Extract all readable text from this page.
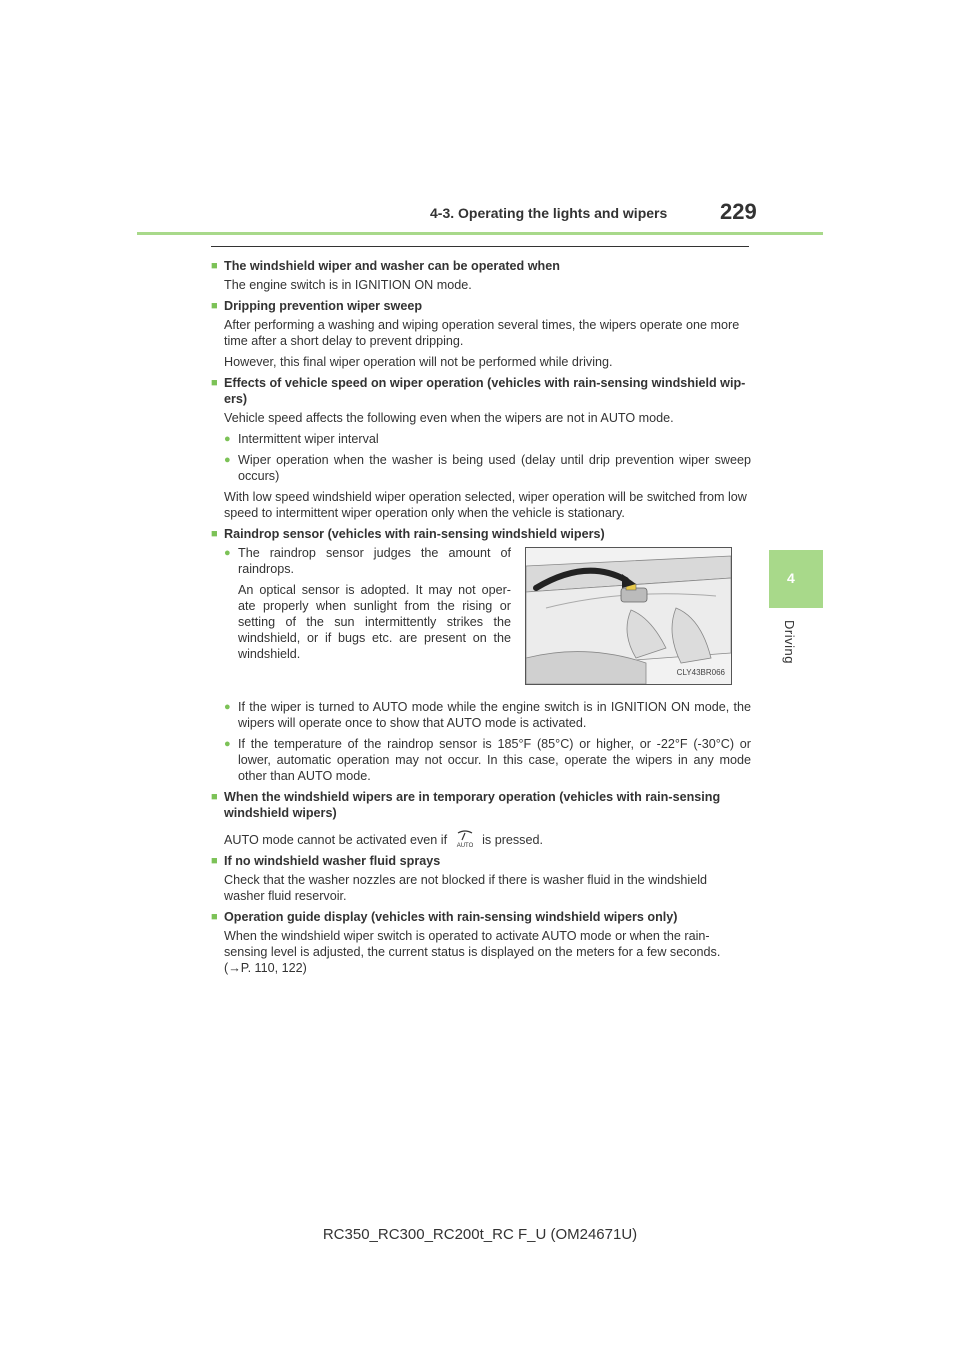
4-3. Operating the lights and wipers 229
4
Driving
■ The windshield wiper and washer can be operated when
The engine switch is in IGNITION ON mode.
■ Dripping prevention wiper sweep
After performing a washing and wiping operation several times, the wipers operate one more time after a short delay to prevent dripping.
However, this final wiper operation will not be performed while driving.
■ Effects of vehicle speed on wiper operation (vehicles with rain-sensing windshield wip- ers)
Vehicle speed affects the following even when the wipers are not in AUTO mode.
● Intermittent wiper interval
● Wiper operation when the washer is being used (delay until drip prevention wiper sweep occurs)
With low speed windshield wiper operation selected, wiper operation will be switched from low speed to intermittent wiper operation only when the vehicle is stationary.
■ Raindrop sensor (vehicles with rain-sensing windshield wipers)
● The raindrop sensor judges the amount of raindrops.
An optical sensor is adopted. It may not oper- ate properly when sunlight from the rising or setting of the sun intermittently strikes the windshield, or if bugs etc. are present on the windshield.
CLY43BR066
● If the wiper is turned to AUTO mode while the engine switch is in IGNITION ON mode, the wipers will operate once to show that AUTO mode is activated.
● If the temperature of the raindrop sensor is 185°F (85°C) or higher, or -22°F (-30°C) or lower, automatic operation may not occur. In this case, operate the wipers in any mode other than AUTO mode.
■ When the windshield wipers are in temporary operation (vehicles with rain-sensing windshield wipers)
AUTO mode cannot be activated even if AUTO is pressed.
■ If no windshield washer fluid sprays
Check that the washer nozzles are not blocked if there is washer fluid in the windshield washer fluid reservoir.
■ Operation guide display (vehicles with rain-sensing windshield wipers only)
When the windshield wiper switch is operated to activate AUTO mode or when the rain- sensing level is adjusted, the current status is displayed on the meters for a few seconds.
(→P. 110, 122)
RC350_RC300_RC200t_RC F_U (OM24671U)
